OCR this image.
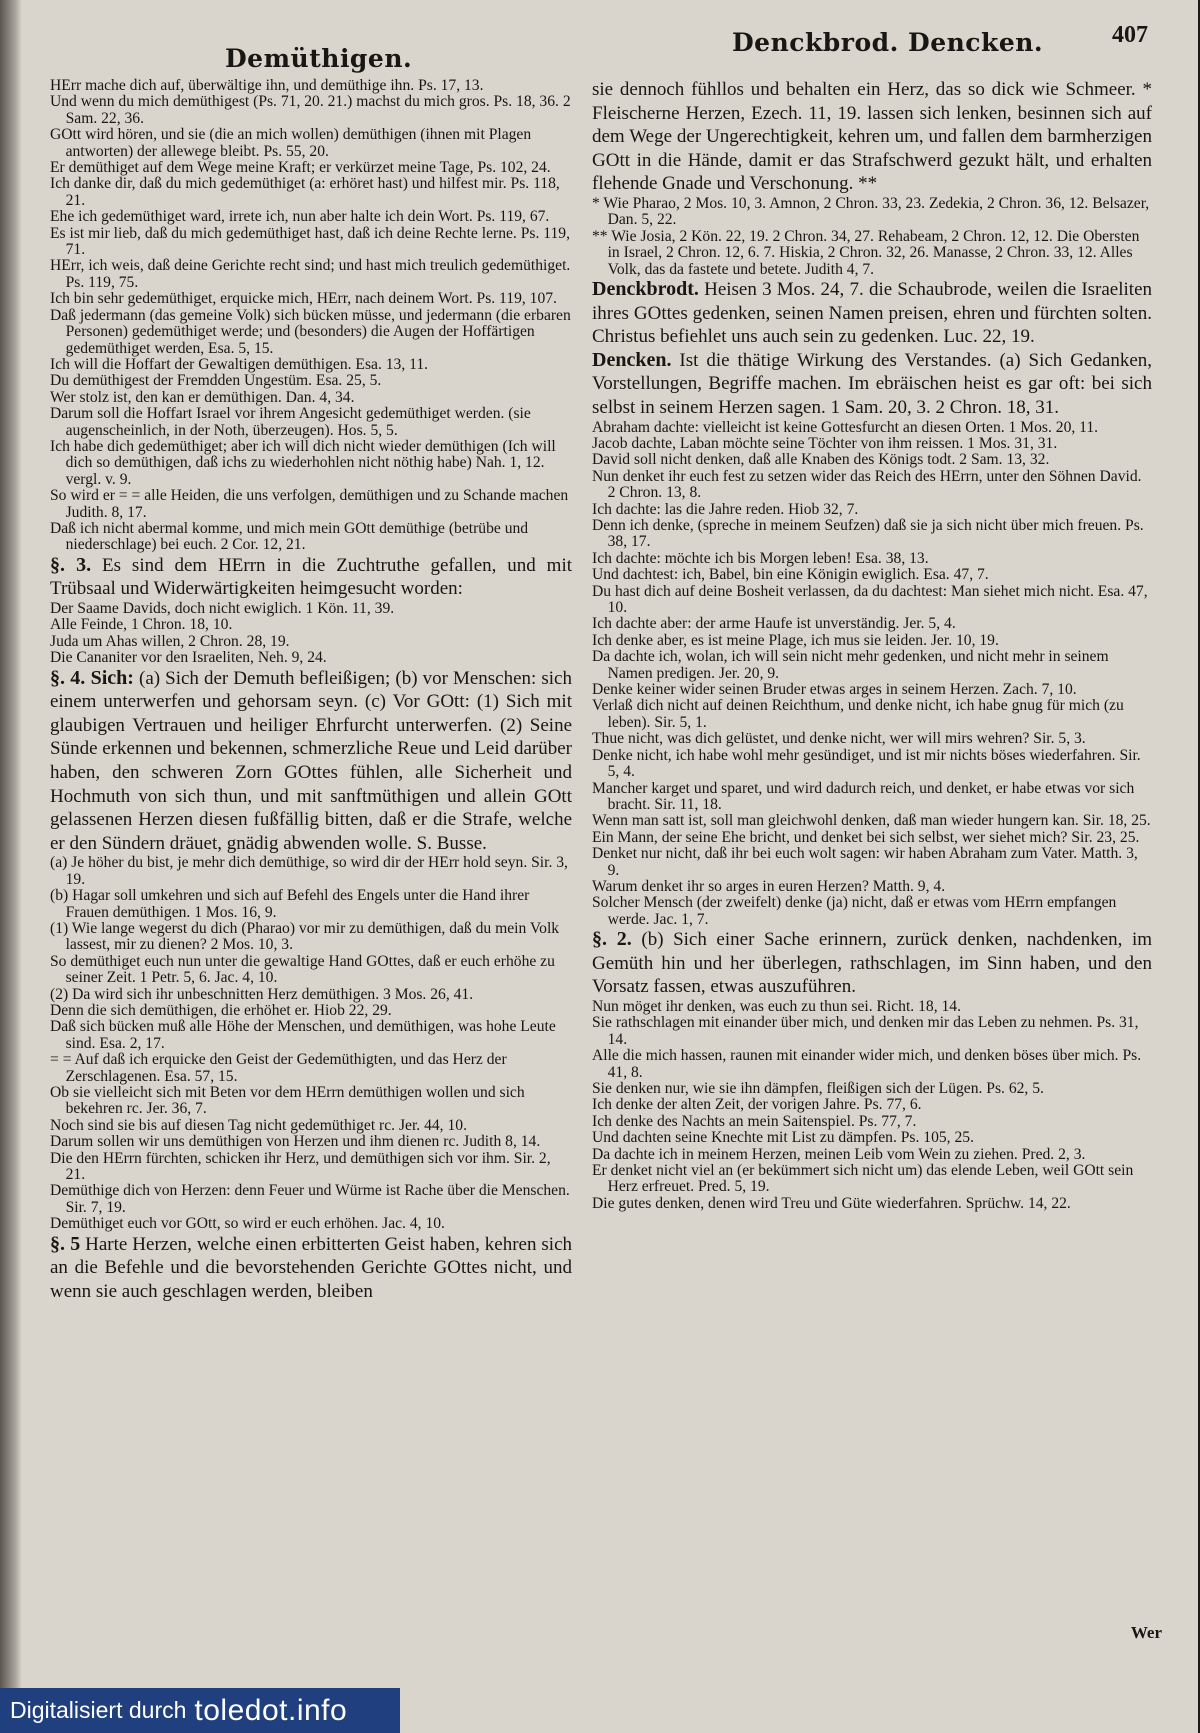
Demüthigen.

HErr mache dich auf, überwältige ihn, und demüthige ihn. Ps. 17, 13.

Und wenn du mich demüthigest (Ps. 71, 20. 21.) machst du mich gros. Ps. 18, 36. 2 Sam. 22, 36.

GOtt wird hören, und sie (die an mich wollen) demüthigen (ihnen mit Plagen antworten) der allewege bleibt. Ps. 55, 20.

Er demüthiget auf dem Wege meine Kraft; er verkürzet meine Tage, Ps. 102, 24.

Ich danke dir, daß du mich gedemüthiget (a: erhöret hast) und hilfest mir. Ps. 118, 21.

Ehe ich gedemüthiget ward, irrete ich, nun aber halte ich dein Wort. Ps. 119, 67.

Es ist mir lieb, daß du mich gedemüthiget hast, daß ich deine Rechte lerne. Ps. 119, 71.

HErr, ich weis, daß deine Gerichte recht sind; und hast mich treulich gedemüthiget. Ps. 119, 75.

Ich bin sehr gedemüthiget, erquicke mich, HErr, nach deinem Wort. Ps. 119, 107.

Daß jedermann (das gemeine Volk) sich bücken müsse, und jedermann (die erbaren Personen) gedemüthiget werde; und (besonders) die Augen der Hoffärtigen gedemüthiget werden, Esa. 5, 15.

Ich will die Hoffart der Gewaltigen demüthigen. Esa. 13, 11.

Du demüthigest der Fremdden Ungestüm. Esa. 25, 5.

Wer stolz ist, den kan er demüthigen. Dan. 4, 34.

Darum soll die Hoffart Israel vor ihrem Angesicht gedemüthiget werden. (sie augenscheinlich, in der Noth, überzeugen). Hos. 5, 5.

Ich habe dich gedemüthiget; aber ich will dich nicht wieder demüthigen (Ich will dich so demüthigen, daß ichs zu wiederhohlen nicht nöthig habe) Nah. 1, 12. vergl. v. 9.

So wird er = = alle Heiden, die uns verfolgen, demüthigen und zu Schande machen Judith. 8, 17.

Daß ich nicht abermal komme, und mich mein GOtt demüthige (betrübe und niederschlage) bei euch. 2 Cor. 12, 21.

§. 3. Es sind dem HErrn in die Zuchtruthe gefallen, und mit Trübsaal und Widerwärtigkeiten heimgesucht worden:

Der Saame Davids, doch nicht ewiglich. 1 Kön. 11, 39.

Alle Feinde, 1 Chron. 18, 10.

Juda um Ahas willen, 2 Chron. 28, 19.

Die Cananiter vor den Israeliten, Neh. 9, 24.

§. 4. Sich: (a) Sich der Demuth befleißigen; (b) vor Menschen: sich einem unterwerfen und gehorsam seyn. (c) Vor GOtt: (1) Sich mit glaubigen Vertrauen und heiliger Ehrfurcht unterwerfen. (2) Seine Sünde erkennen und bekennen, schmerzliche Reue und Leid darüber haben, den schweren Zorn GOttes fühlen, alle Sicherheit und Hochmuth von sich thun, und mit sanftmüthigen und allein GOtt gelassenen Herzen diesen fußfällig bitten, daß er die Strafe, welche er den Sündern dräuet, gnädig abwenden wolle. S. Busse.

(a) Je höher du bist, je mehr dich demüthige, so wird dir der HErr hold seyn. Sir. 3, 19.

(b) Hagar soll umkehren und sich auf Befehl des Engels unter die Hand ihrer Frauen demüthigen. 1 Mos. 16, 9.

(1) Wie lange wegerst du dich (Pharao) vor mir zu demüthigen, daß du mein Volk lassest, mir zu dienen? 2 Mos. 10, 3.

So demüthiget euch nun unter die gewaltige Hand GOttes, daß er euch erhöhe zu seiner Zeit. 1 Petr. 5, 6. Jac. 4, 10.

(2) Da wird sich ihr unbeschnitten Herz demüthigen. 3 Mos. 26, 41.

Denn die sich demüthigen, die erhöhet er. Hiob 22, 29.

Daß sich bücken muß alle Höhe der Menschen, und demüthigen, was hohe Leute sind. Esa. 2, 17.

= = Auf daß ich erquicke den Geist der Gedemüthigten, und das Herz der Zerschlagenen. Esa. 57, 15.

Ob sie vielleicht sich mit Beten vor dem HErrn demüthigen wollen und sich bekehren rc. Jer. 36, 7.

Noch sind sie bis auf diesen Tag nicht gedemüthiget rc. Jer. 44, 10.

Darum sollen wir uns demüthigen von Herzen und ihm dienen rc. Judith 8, 14.

Die den HErrn fürchten, schicken ihr Herz, und demüthigen sich vor ihm. Sir. 2, 21.

Demüthige dich von Herzen: denn Feuer und Würme ist Rache über die Menschen. Sir. 7, 19.

Demüthiget euch vor GOtt, so wird er euch erhöhen. Jac. 4, 10.

§. 5 Harte Herzen, welche einen erbitterten Geist haben, kehren sich an die Befehle und die bevorstehenden Gerichte GOttes nicht, und wenn sie auch geschlagen werden, bleiben

Denckbrod. Dencken.	407

sie dennoch fühllos und behalten ein Herz, das so dick wie Schmeer. * Fleischerne Herzen, Ezech. 11, 19. lassen sich lenken, besinnen sich auf dem Wege der Ungerechtigkeit, kehren um, und fallen dem barmherzigen GOtt in die Hände, damit er das Strafschwerd gezukt hält, und erhalten flehende Gnade und Verschonung. **

* Wie Pharao, 2 Mos. 10, 3. Amnon, 2 Chron. 33, 23. Zedekia, 2 Chron. 36, 12. Belsazer, Dan. 5, 22.

** Wie Josia, 2 Kön. 22, 19. 2 Chron. 34, 27. Rehabeam, 2 Chron. 12, 12. Die Obersten in Israel, 2 Chron. 12, 6. 7. Hiskia, 2 Chron. 32, 26. Manasse, 2 Chron. 33, 12. Alles Volk, das da fastete und betete. Judith 4, 7.

Denckbrodt. Heisen 3 Mos. 24, 7. die Schaubrode, weilen die Israeliten ihres GOttes gedenken, seinen Namen preisen, ehren und fürchten solten. Christus befiehlet uns auch sein zu gedenken. Luc. 22, 19.

Dencken. Ist die thätige Wirkung des Verstandes. (a) Sich Gedanken, Vorstellungen, Begriffe machen. Im ebräischen heist es gar oft: bei sich selbst in seinem Herzen sagen. 1 Sam. 20, 3. 2 Chron. 18, 31.

Abraham dachte: vielleicht ist keine Gottesfurcht an diesen Orten. 1 Mos. 20, 11.

Jacob dachte, Laban möchte seine Töchter von ihm reissen. 1 Mos. 31, 31.

David soll nicht denken, daß alle Knaben des Königs todt. 2 Sam. 13, 32.

Nun denket ihr euch fest zu setzen wider das Reich des HErrn, unter den Söhnen David. 2 Chron. 13, 8.

Ich dachte: las die Jahre reden. Hiob 32, 7.

Denn ich denke, (spreche in meinem Seufzen) daß sie ja sich nicht über mich freuen. Ps. 38, 17.

Ich dachte: möchte ich bis Morgen leben! Esa. 38, 13.

Und dachtest: ich, Babel, bin eine Königin ewiglich. Esa. 47, 7.

Du hast dich auf deine Bosheit verlassen, da du dachtest: Man siehet mich nicht. Esa. 47, 10.

Ich dachte aber: der arme Haufe ist unverständig. Jer. 5, 4.

Ich denke aber, es ist meine Plage, ich mus sie leiden. Jer. 10, 19.

Da dachte ich, wolan, ich will sein nicht mehr gedenken, und nicht mehr in seinem Namen predigen. Jer. 20, 9.

Denke keiner wider seinen Bruder etwas arges in seinem Herzen. Zach. 7, 10.

Verlaß dich nicht auf deinen Reichthum, und denke nicht, ich habe gnug für mich (zu leben). Sir. 5, 1.

Thue nicht, was dich gelüstet, und denke nicht, wer will mirs wehren? Sir. 5, 3.

Denke nicht, ich habe wohl mehr gesündiget, und ist mir nichts böses wiederfahren. Sir. 5, 4.

Mancher karget und sparet, und wird dadurch reich, und denket, er habe etwas vor sich bracht. Sir. 11, 18.

Wenn man satt ist, soll man gleichwohl denken, daß man wieder hungern kan. Sir. 18, 25.

Ein Mann, der seine Ehe bricht, und denket bei sich selbst, wer siehet mich? Sir. 23, 25.

Denket nur nicht, daß ihr bei euch wolt sagen: wir haben Abraham zum Vater. Matth. 3, 9.

Warum denket ihr so arges in euren Herzen? Matth. 9, 4.

Solcher Mensch (der zweifelt) denke (ja) nicht, daß er etwas vom HErrn empfangen werde. Jac. 1, 7.

§. 2. (b) Sich einer Sache erinnern, zurück denken, nachdenken, im Gemüth hin und her überlegen, rathschlagen, im Sinn haben, und den Vorsatz fassen, etwas auszuführen.

Nun möget ihr denken, was euch zu thun sei. Richt. 18, 14.

Sie rathschlagen mit einander über mich, und denken mir das Leben zu nehmen. Ps. 31, 14.

Alle die mich hassen, raunen mit einander wider mich, und denken böses über mich. Ps. 41, 8.

Sie denken nur, wie sie ihn dämpfen, fleißigen sich der Lügen. Ps. 62, 5.

Ich denke der alten Zeit, der vorigen Jahre. Ps. 77, 6.

Ich denke des Nachts an mein Saitenspiel. Ps. 77, 7.

Und dachten seine Knechte mit List zu dämpfen. Ps. 105, 25.

Da dachte ich in meinem Herzen, meinen Leib vom Wein zu ziehen. Pred. 2, 3.

Er denket nicht viel an (er bekümmert sich nicht um) das elende Leben, weil GOtt sein Herz erfreuet. Pred. 5, 19.

Die gutes denken, denen wird Treu und Güte wiederfahren. Sprüchw. 14, 22.

Wer
Digitalisiert durch toledot.info
